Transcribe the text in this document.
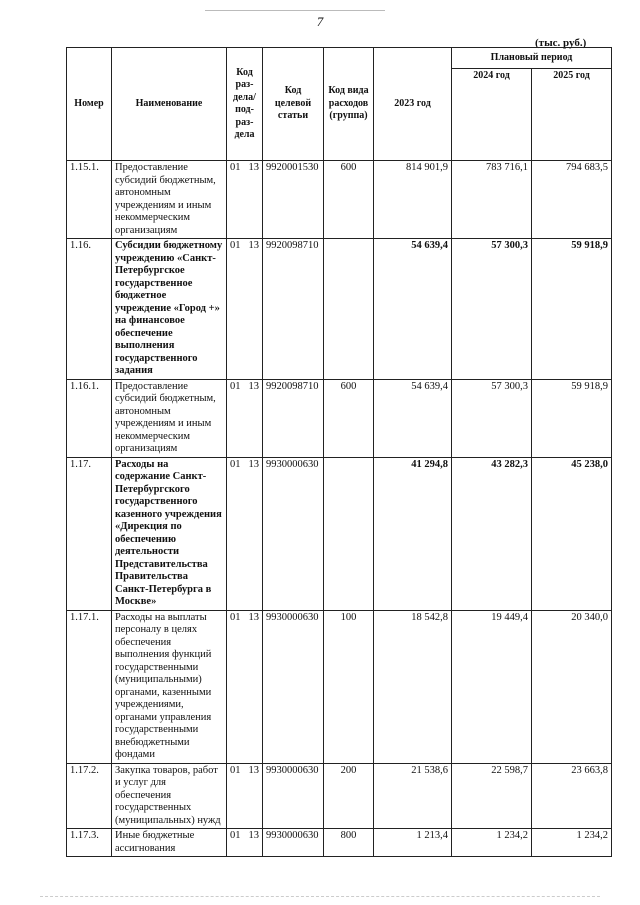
7
(тыс. руб.)
Номер	Наименование	Код раз-дела/ под-раз-дела	Код целевой статьи	Код вида расходов (группа)	2023 год	Плановый период	
						2024 год	2025 год
1.15.1.	Предоставление субсидий бюджетным, автономным учреждениям и иным некоммерческим организациям	01 13	9920001530	600	814 901,9	783 716,1	794 683,5
1.16.	Субсидии бюджетному учреждению «Санкт-Петербургское государственное бюджетное учреждение «Город +» на финансовое обеспечение выполнения государственного задания	01 13	9920098710		54 639,4	57 300,3	59 918,9
1.16.1.	Предоставление субсидий бюджетным, автономным учреждениям и иным некоммерческим организациям	01 13	9920098710	600	54 639,4	57 300,3	59 918,9
1.17.	Расходы на содержание Санкт-Петербургского государственного казенного учреждения «Дирекция по обеспечению деятельности Представительства Правительства Санкт-Петербурга в Москве»	01 13	9930000630		41 294,8	43 282,3	45 238,0
1.17.1.	Расходы на выплаты персоналу в целях обеспечения выполнения функций государственными (муниципальными) органами, казенными учреждениями, органами управления государственными внебюджетными фондами	01 13	9930000630	100	18 542,8	19 449,4	20 340,0
1.17.2.	Закупка товаров, работ и услуг для обеспечения государственных (муниципальных) нужд	01 13	9930000630	200	21 538,6	22 598,7	23 663,8
1.17.3.	Иные бюджетные ассигнования	01 13	9930000630	800	1 213,4	1 234,2	1 234,2
